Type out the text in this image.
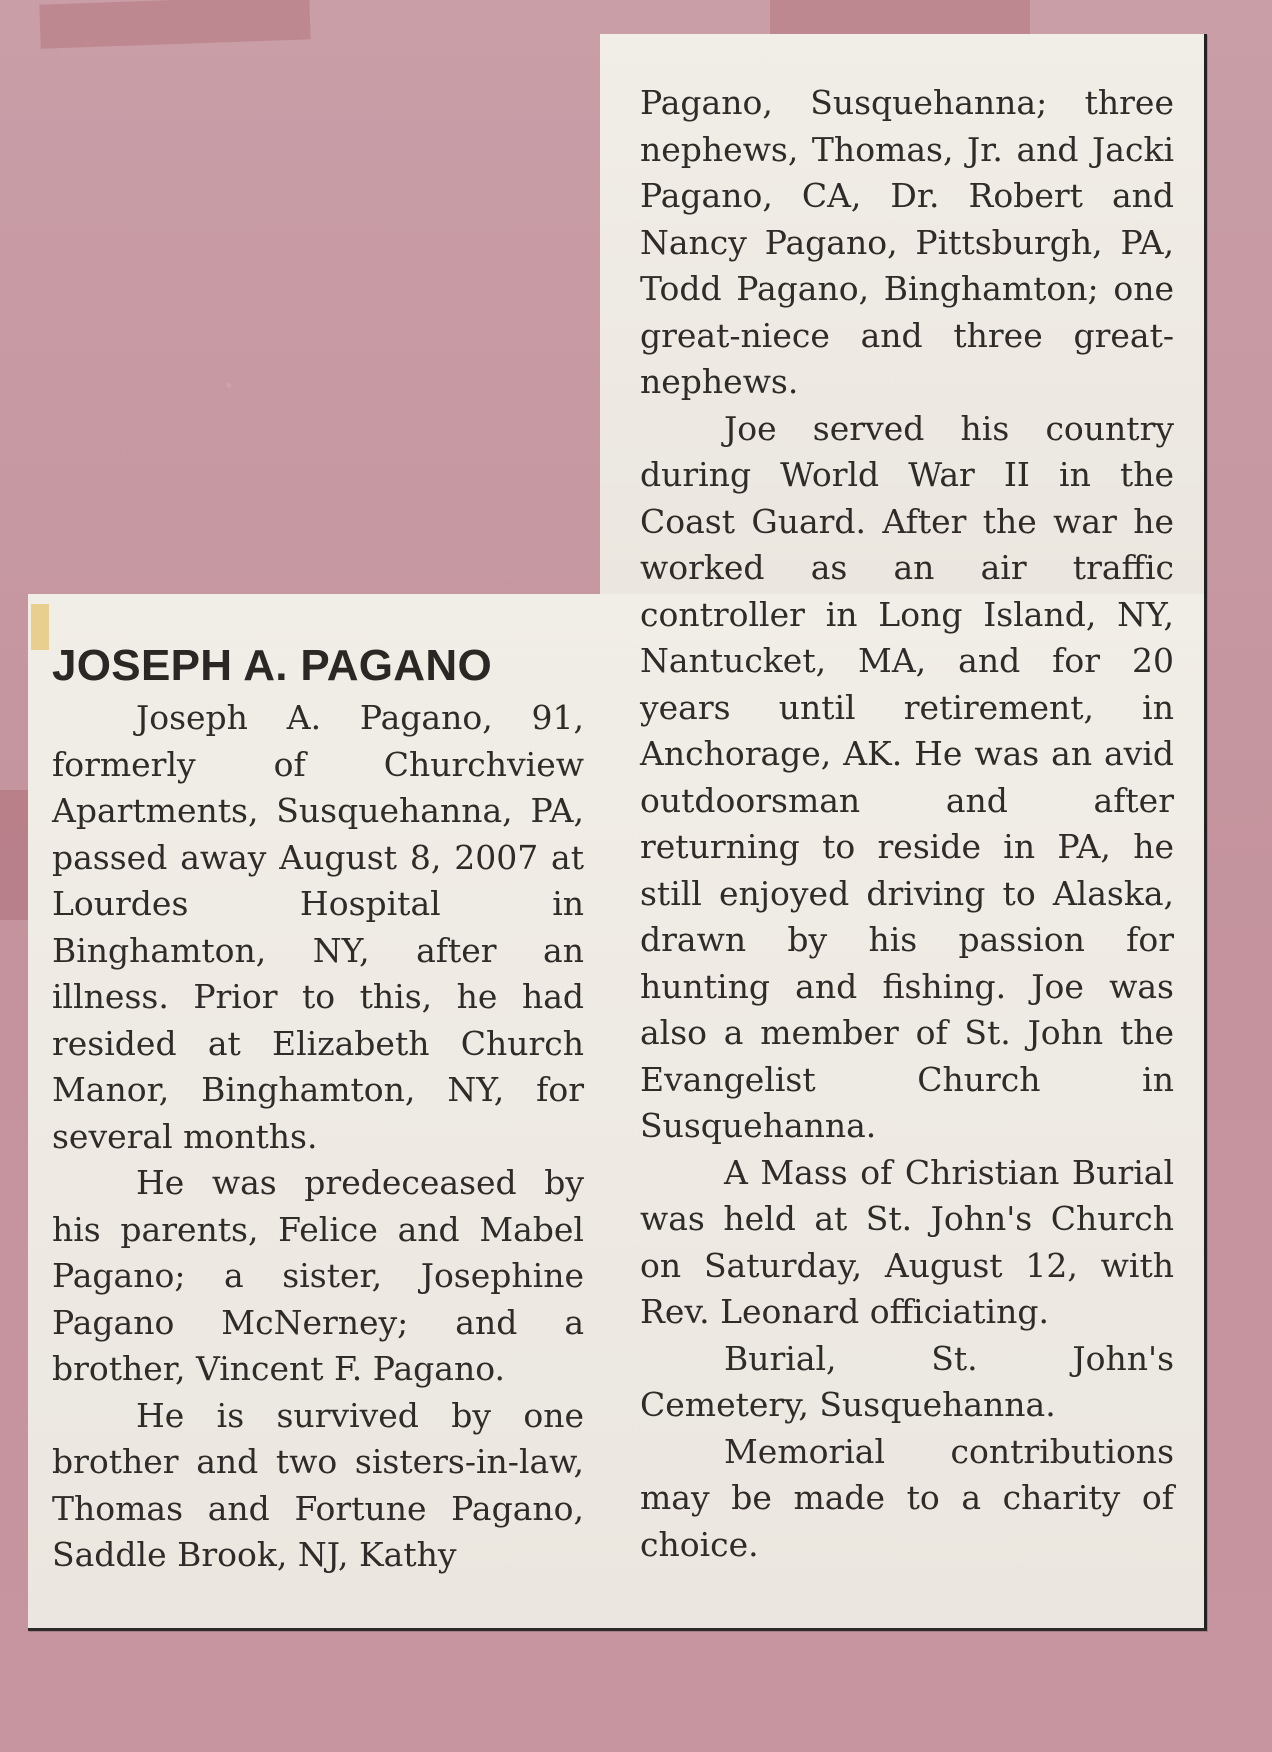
JOSEPH A. PAGANO

Joseph A. Pagano, 91, formerly of Churchview Apartments, Susquehanna, PA, passed away August 8, 2007 at Lourdes Hospital in Binghamton, NY, after an illness. Prior to this, he had resided at Elizabeth Church Manor, Binghamton, NY, for several months.

He was predeceased by his parents, Felice and Mabel Pagano; a sister, Josephine Pagano McNerney; and a brother, Vincent F. Pagano.

He is survived by one brother and two sisters-in-law, Thomas and Fortune Pagano, Saddle Brook, NJ, Kathy

Pagano, Susquehanna; three nephews, Thomas, Jr. and Jacki Pagano, CA, Dr. Robert and Nancy Pagano, Pittsburgh, PA, Todd Pagano, Binghamton; one great-niece and three great-nephews.

Joe served his country during World War II in the Coast Guard. After the war he worked as an air traffic controller in Long Island, NY, Nantucket, MA, and for 20 years until retirement, in Anchorage, AK. He was an avid outdoorsman and after returning to reside in PA, he still enjoyed driving to Alaska, drawn by his passion for hunting and fishing. Joe was also a member of St. John the Evangelist Church in Susquehanna.

A Mass of Christian Burial was held at St. John's Church on Saturday, August 12, with Rev. Leonard officiating.

Burial, St. John's Cemetery, Susquehanna.

Memorial contributions may be made to a charity of choice.
